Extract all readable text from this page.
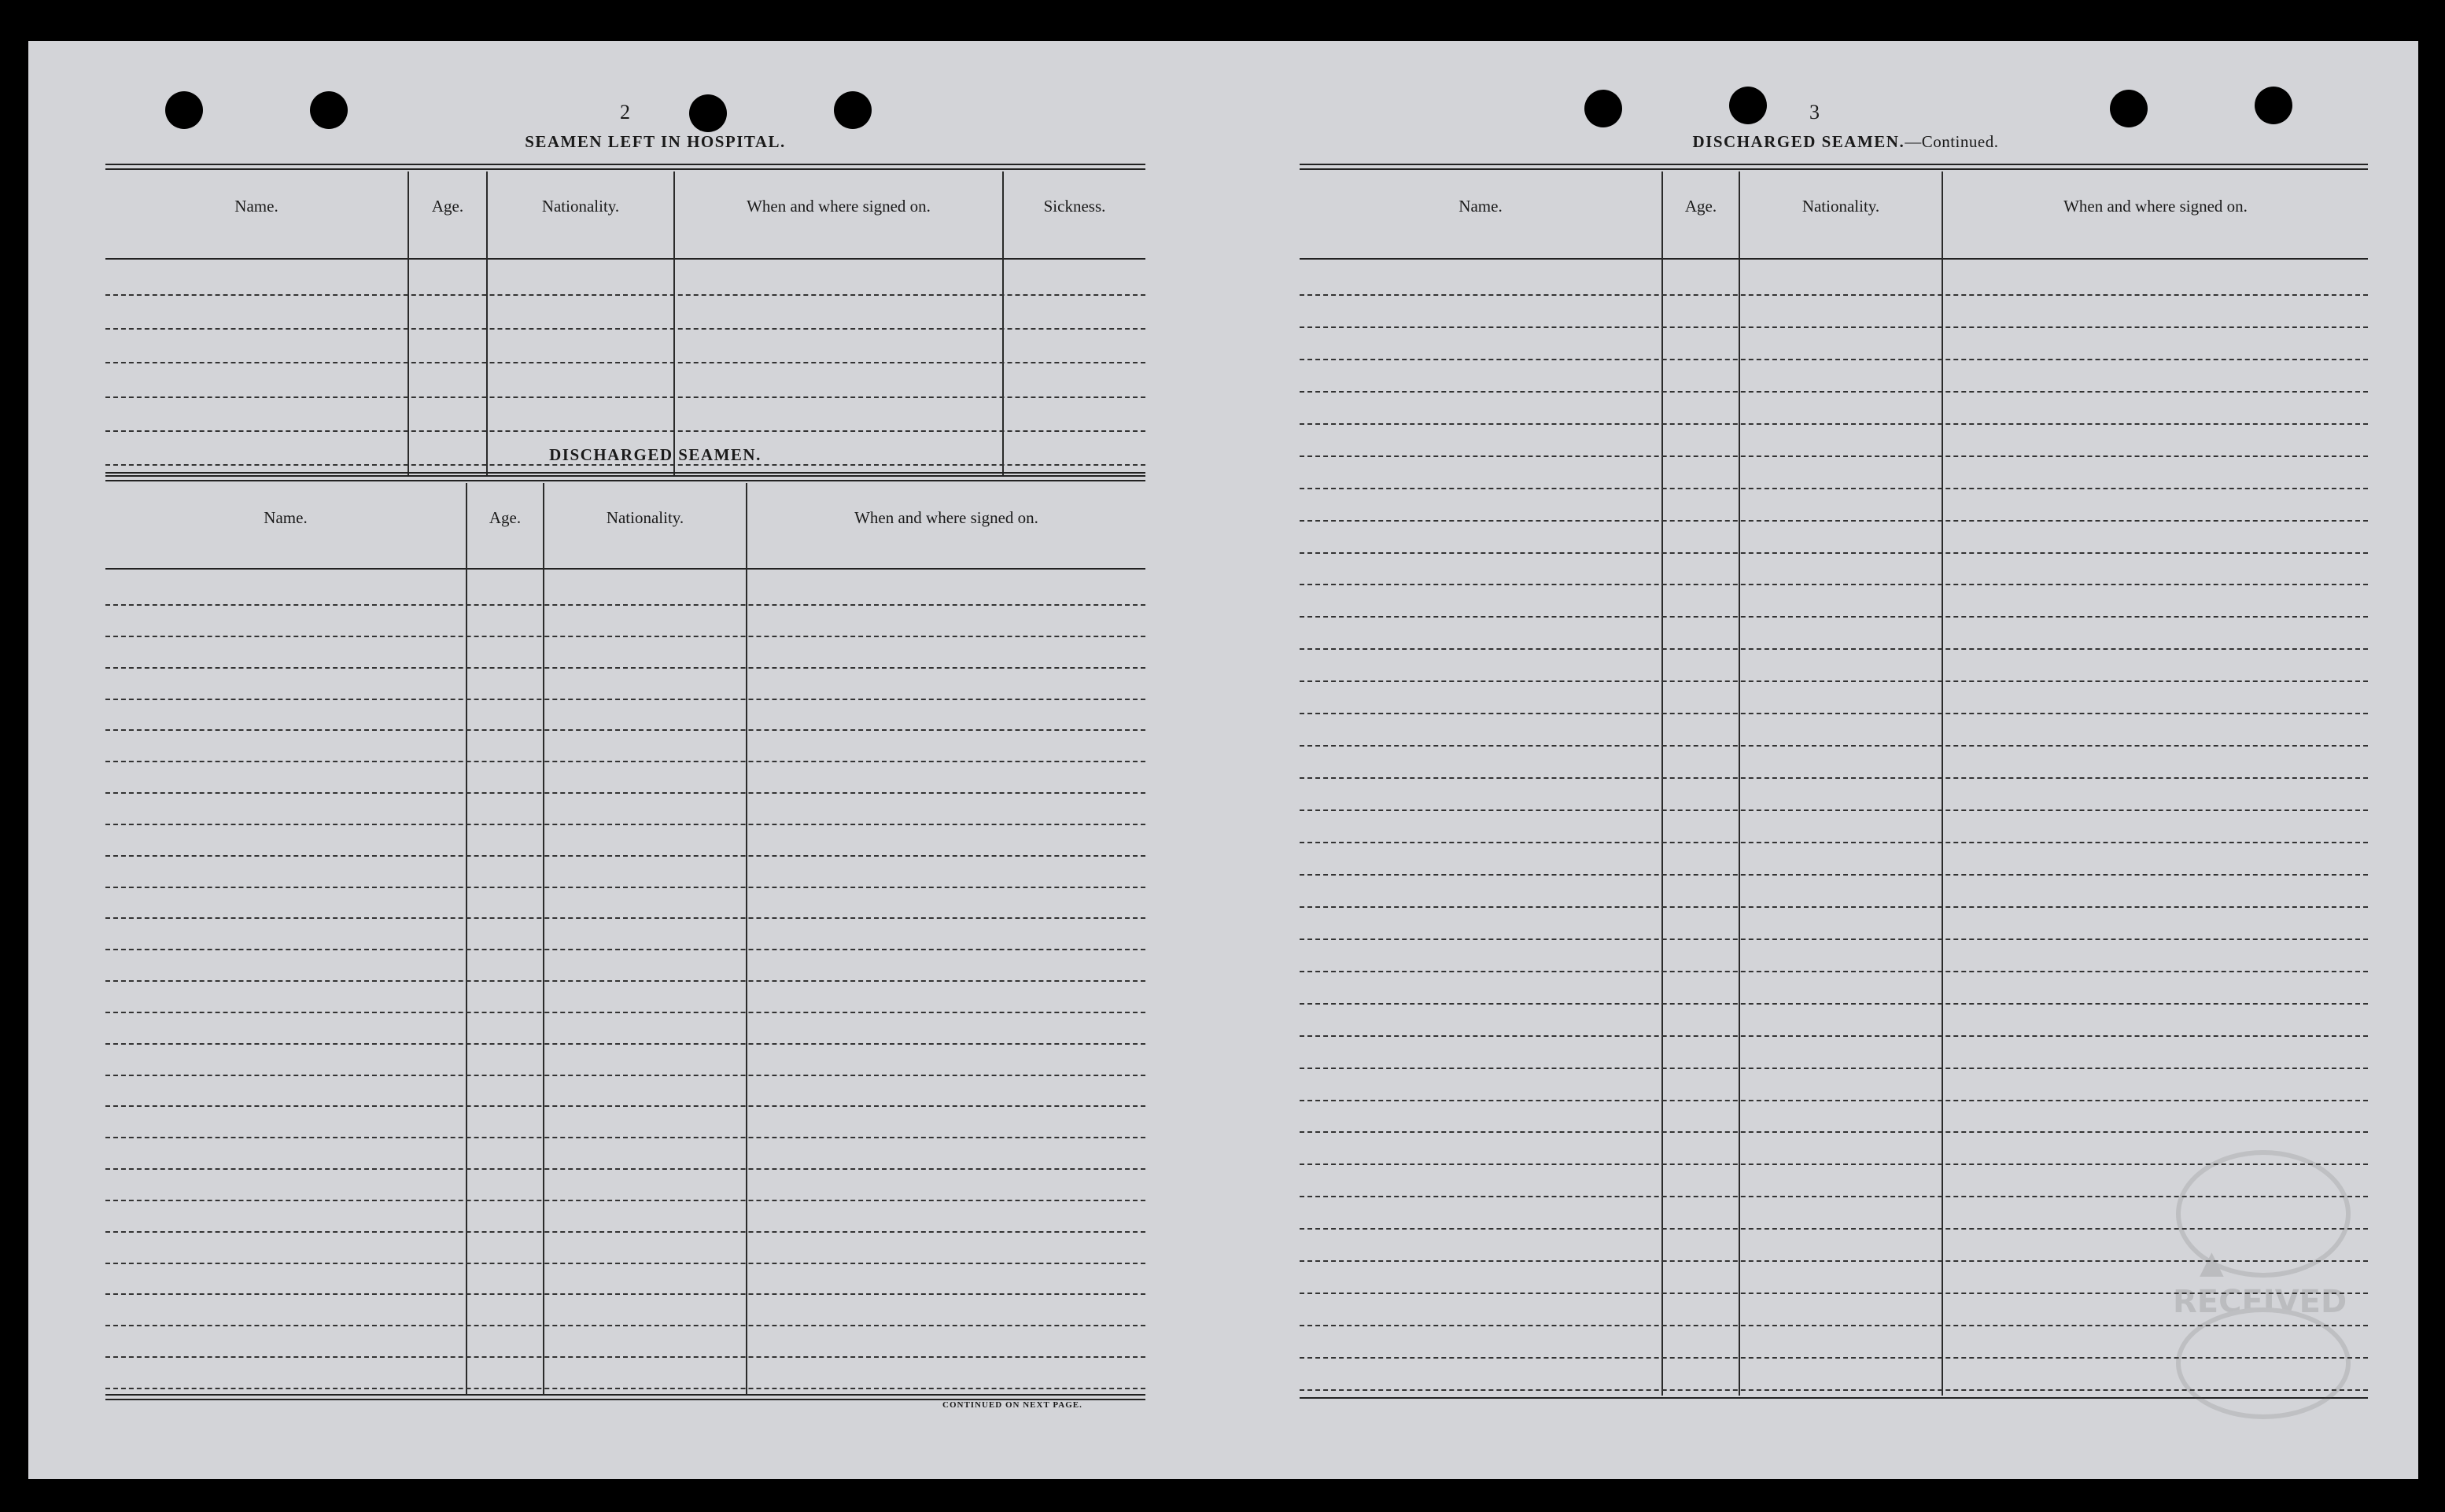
2
SEAMEN LEFT IN HOSPITAL.
Name.	Age.	Nationality.	When and where signed on.	Sickness.
DISCHARGED SEAMEN.
Name.	Age.	Nationality.	When and where signed on.
CONTINUED ON NEXT PAGE.
3
DISCHARGED SEAMEN.—Continued.
Name.	Age.	Nationality.	When and where signed on.
▲
RECEIVED
